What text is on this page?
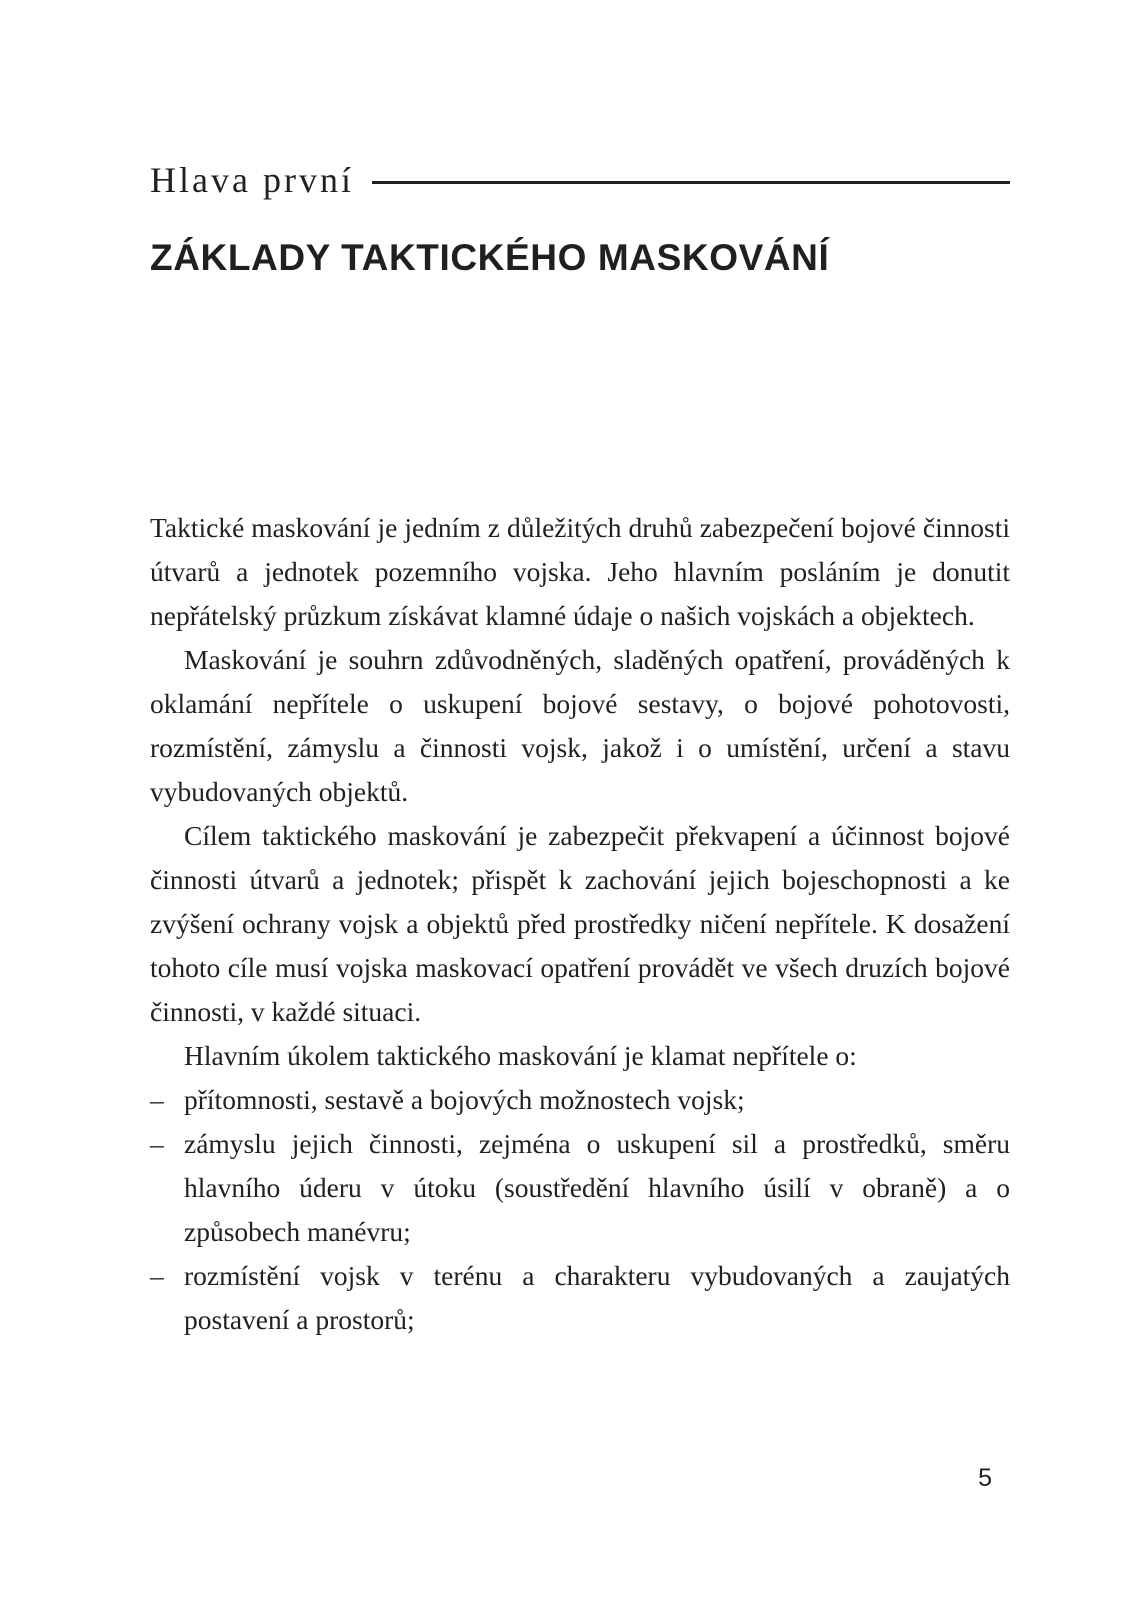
Hlava první
ZÁKLADY TAKTICKÉHO MASKOVÁNÍ

Taktické maskování je jedním z důležitých druhů zabezpečení bojové činnosti útvarů a jednotek pozemního vojska. Jeho hlavním posláním je donutit nepřátelský průzkum získávat klamné údaje o našich vojskách a objektech.

Maskování je souhrn zdůvodněných, sladěných opatření, prováděných k oklamání nepřítele o uskupení bojové sestavy, o bojové pohotovosti, rozmístění, zámyslu a činnosti vojsk, jakož i o umístění, určení a stavu vybudovaných objektů.

Cílem taktického maskování je zabezpečit překvapení a účinnost bojové činnosti útvarů a jednotek; přispět k zachování jejich bojeschopnosti a ke zvýšení ochrany vojsk a objektů před prostředky ničení nepřítele. K dosažení tohoto cíle musí vojska maskovací opatření provádět ve všech druzích bojové činnosti, v každé situaci.

Hlavním úkolem taktického maskování je klamat nepřítele o:

– přítomnosti, sestavě a bojových možnostech vojsk;
– zámyslu jejich činnosti, zejména o uskupení sil a prostředků, směru hlavního úderu v útoku (soustředění hlavního úsilí v obraně) a o způsobech manévru;
– rozmístění vojsk v terénu a charakteru vybudovaných a zaujatých postavení a prostorů;
5
